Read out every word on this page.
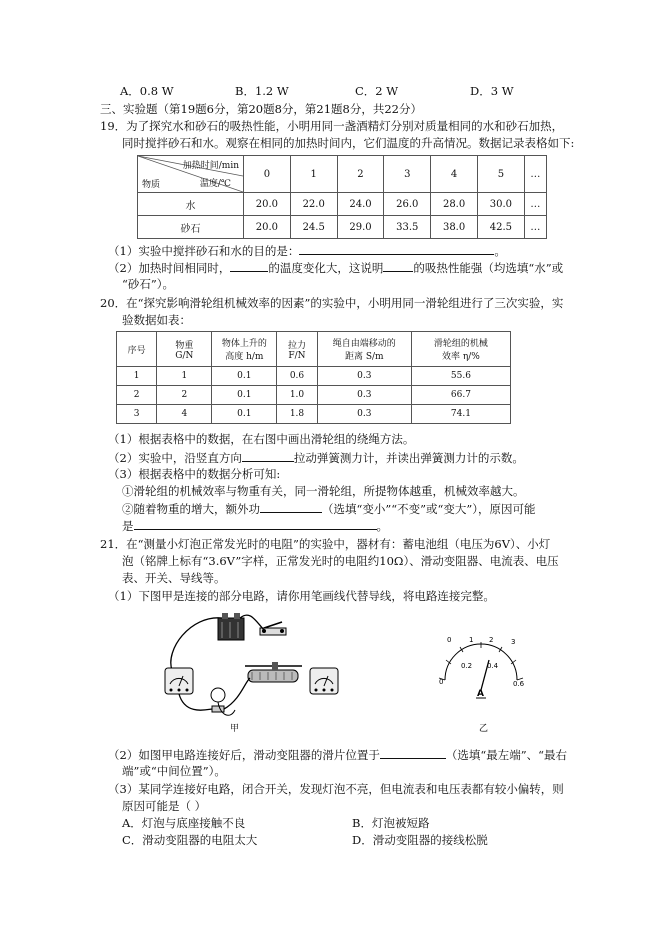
A．0.8 W	B．1.2 W	C．2 W	D．3 W
三、实验题（第19题6分，第20题8分，第21题8分，共22分）
19．为了探究水和砂石的吸热性能，小明用同一盏酒精灯分别对质量相同的水和砂石加热，
同时搅拌砂石和水。观察在相同的加热时间内，它们温度的升高情况。数据记录表格如下:
加热时间/min
温度/℃
物质	0	1	2	3	4	5	…
水	20.0	22.0	24.0	26.0	28.0	30.0	…
砂石	20.0	24.5	29.0	33.5	38.0	42.5	…
（1）实验中搅拌砂石和水的目的是：	。
（2）加热时间相同时，	的温度变化大，这说明	的吸热性能强（均选填“水”或
“砂石”）。
20．在“探究影响滑轮组机械效率的因素”的实验中，小明用同一滑轮组进行了三次实验，实
验数据如表：
序号	物重
G/N	物体上升的
高度 h/m	拉力
F/N	绳自由端移动的
距离 S/m	滑轮组的机械
效率 η/%
1	1	0.1	0.6	0.3	55.6
2	2	0.1	1.0	0.3	66.7
3	4	0.1	1.8	0.3	74.1
（1）根据表格中的数据，在右图中画出滑轮组的绕绳方法。
（2）实验中，沿竖直方向	拉动弹簧测力计，并读出弹簧测力计的示数。
（3）根据表格中的数据分析可知:
①滑轮组的机械效率与物重有关，同一滑轮组，所提物体越重，机械效率越大。
②随着物重的增大，额外功	（选填“变小”“不变”或“变大”），原因可能
是	。
21．在“测量小灯泡正常发光时的电阻”的实验中，器材有：蓄电池组（电压为6V）、小灯
泡（铭牌上标有“3.6V”字样，正常发光时的电阻约10Ω）、滑动变阻器、电流表、电压
表、开关、导线等。
（1）下图甲是连接的部分电路，请你用笔画线代替导线，将电路连接完整。
甲
0	1 2	3
0
0.2 0.4
0.6
A
乙
（2）如图甲电路连接好后，滑动变阻器的滑片位置于	（选填“最左端”、“最右
端”或“中间位置”）。
（3）某同学连接好电路，闭合开关，发现灯泡不亮，但电流表和电压表都有较小偏转，则
原因可能是（ ）
A．灯泡与底座接触不良	B．灯泡被短路
C．滑动变阻器的电阻太大	D．滑动变阻器的接线松脱
